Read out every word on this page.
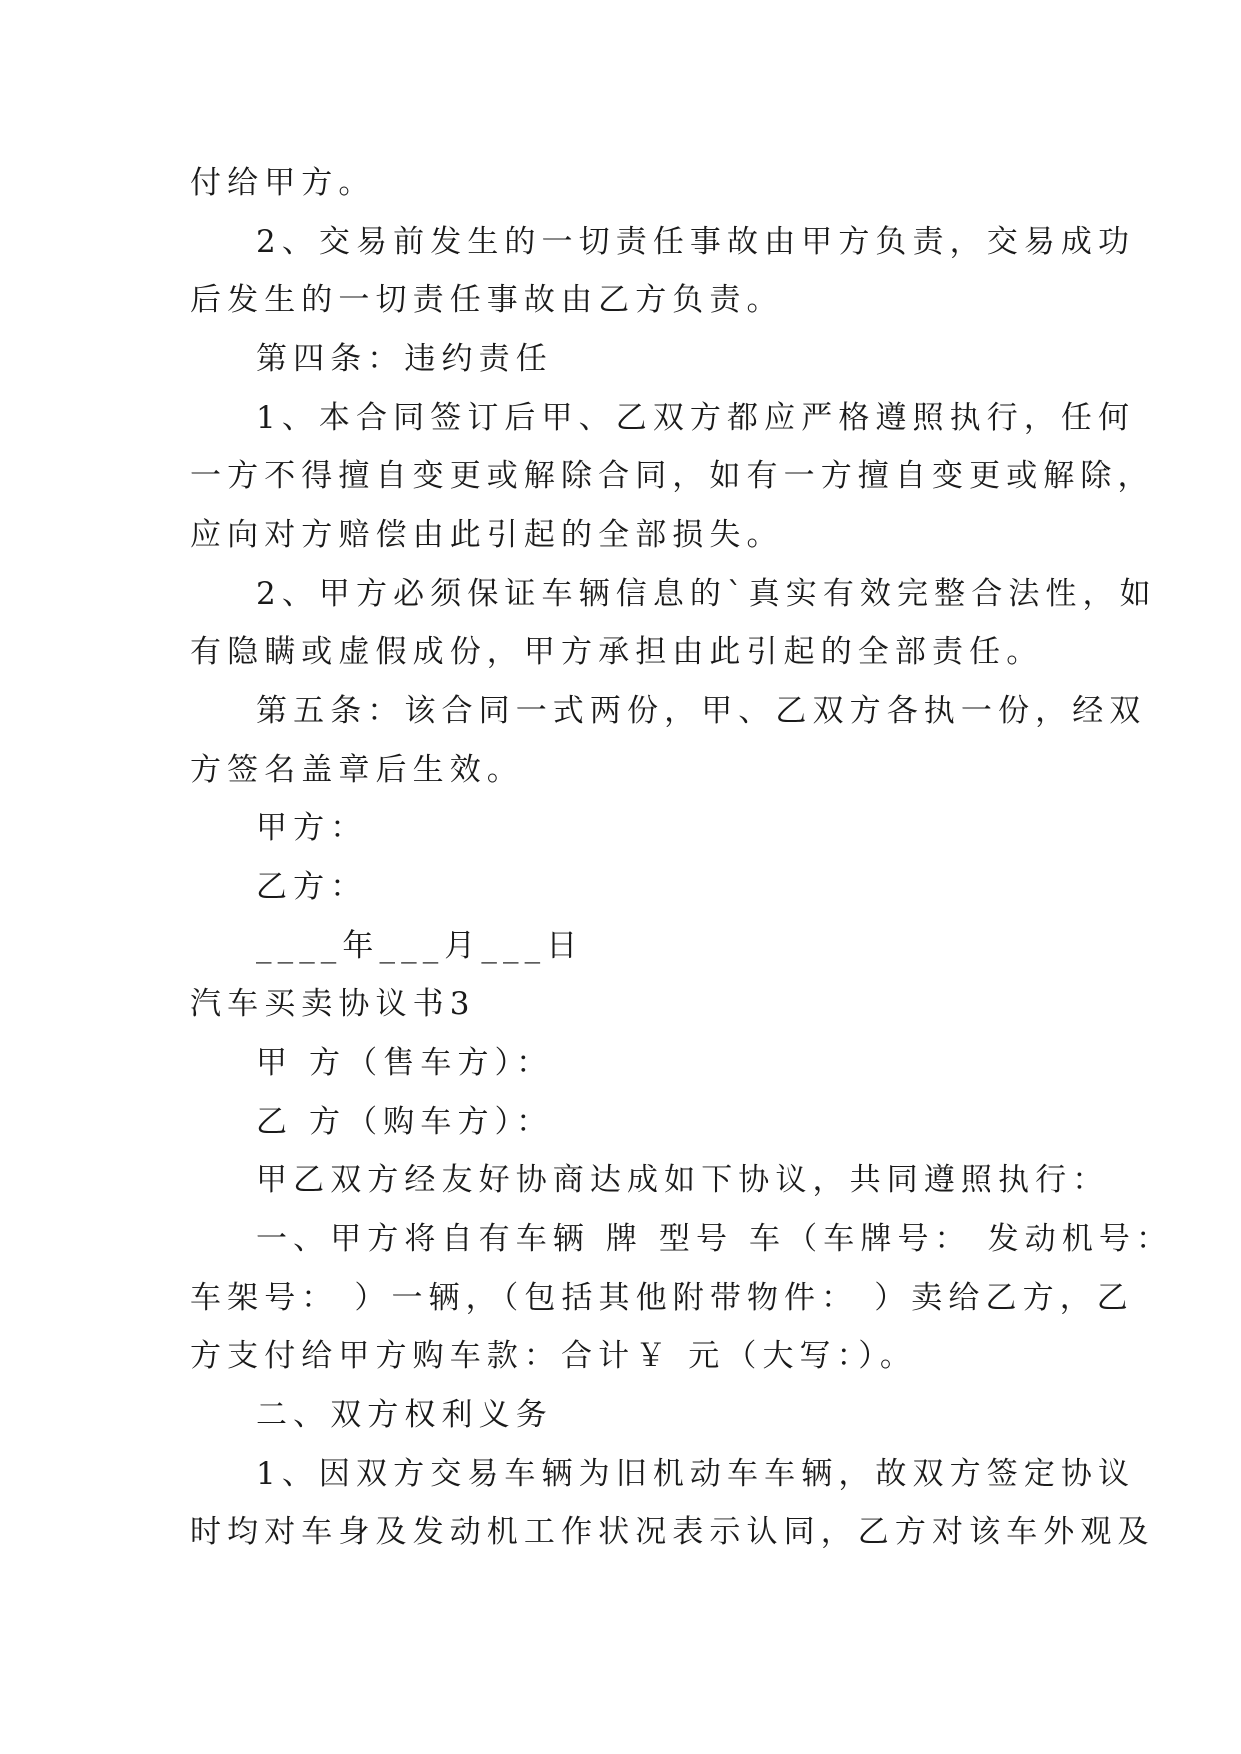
付给甲方。
2、交易前发生的一切责任事故由甲方负责，交易成功
后发生的一切责任事故由乙方负责。
第四条：违约责任
1、本合同签订后甲、乙双方都应严格遵照执行，任何
一方不得擅自变更或解除合同，如有一方擅自变更或解除，
应向对方赔偿由此引起的全部损失。
2、甲方必须保证车辆信息的`真实有效完整合法性，如
有隐瞒或虚假成份，甲方承担由此引起的全部责任。
第五条：该合同一式两份，甲、乙双方各执一份，经双
方签名盖章后生效。
甲方：
乙方：
____年___月___日
汽车买卖协议书3
甲 方（售车方）：
乙 方（购车方）：
甲乙双方经友好协商达成如下协议，共同遵照执行：
一、甲方将自有车辆 牌 型号 车（车牌号： 发动机号：
车架号： ）一辆，（包括其他附带物件： ）卖给乙方，乙
方支付给甲方购车款：合计￥ 元（大写：）。
二、双方权利义务
1、因双方交易车辆为旧机动车车辆，故双方签定协议
时均对车身及发动机工作状况表示认同，乙方对该车外观及
